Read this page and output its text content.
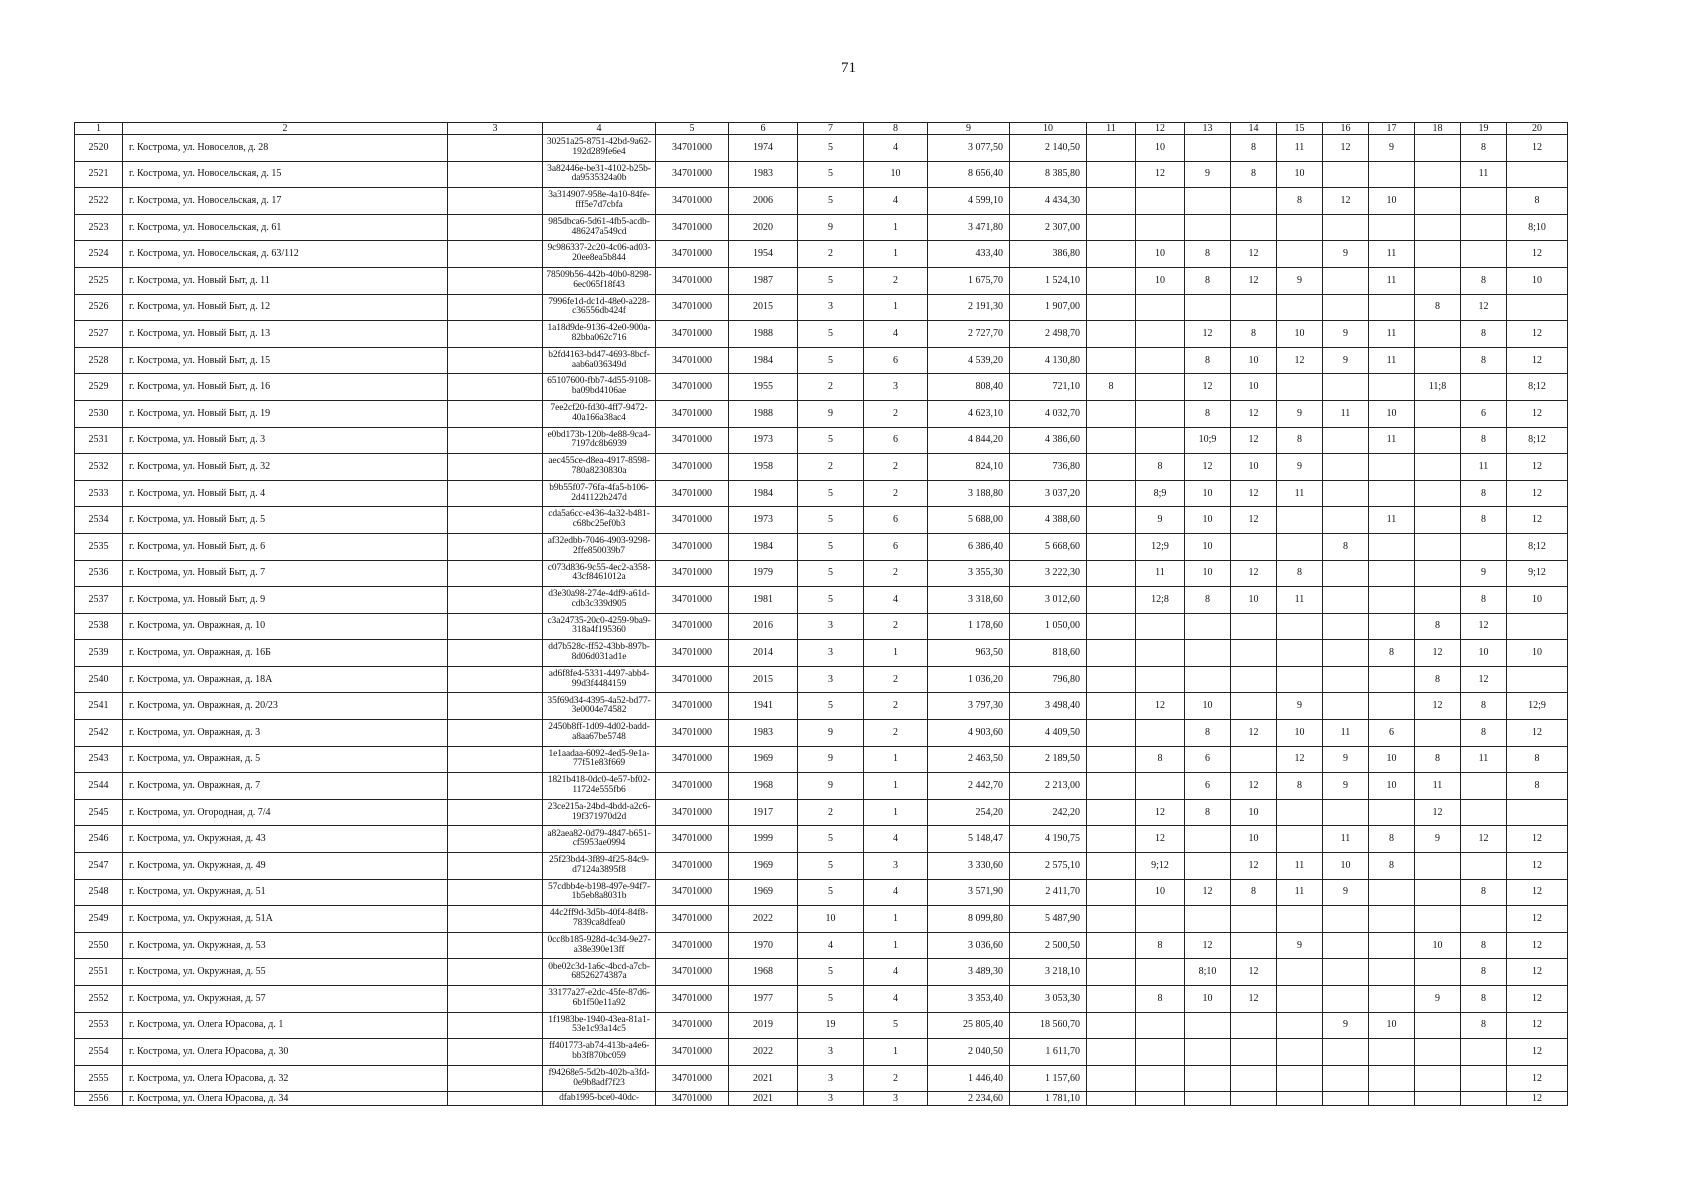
71
1	2	3	4	5	6	7	8	9	10	11	12	13	14	15	16	17	18	19	20
2520	г. Кострома, ул. Новоселов, д. 28		30251a25-8751-42bd-9a62-192d289fe6e4	34701000	1974	5	4	3 077,50	2 140,50		10		8	11	12	9		8	12
2521	г. Кострома, ул. Новосельская, д. 15		3a82446e-be31-4102-b25b-da9535324a0b	34701000	1983	5	10	8 656,40	8 385,80		12	9	8	10				11	
2522	г. Кострома, ул. Новосельская, д. 17		3a314907-958e-4a10-84fe-fff5e7d7cbfa	34701000	2006	5	4	4 599,10	4 434,30					8	12	10			8
2523	г. Кострома, ул. Новосельская, д. 61		985dbca6-5d61-4fb5-acdb-486247a549cd	34701000	2020	9	1	3 471,80	2 307,00										8;10
2524	г. Кострома, ул. Новосельская, д. 63/112		9c986337-2c20-4c06-ad03-20ee8ea5b844	34701000	1954	2	1	433,40	386,80		10	8	12		9	11			12
2525	г. Кострома, ул. Новый Быт, д. 11		78509b56-442b-40b0-8298-6ec065f18f43	34701000	1987	5	2	1 675,70	1 524,10		10	8	12	9		11		8	10
2526	г. Кострома, ул. Новый Быт, д. 12		7996fe1d-dc1d-48e0-a228-c36556db424f	34701000	2015	3	1	2 191,30	1 907,00								8	12	
2527	г. Кострома, ул. Новый Быт, д. 13		1a18d9de-9136-42e0-900a-82bba062c716	34701000	1988	5	4	2 727,70	2 498,70			12	8	10	9	11		8	12
2528	г. Кострома, ул. Новый Быт, д. 15		b2fd4163-bd47-4693-8bcf-aab6a036349d	34701000	1984	5	6	4 539,20	4 130,80			8	10	12	9	11		8	12
2529	г. Кострома, ул. Новый Быт, д. 16		65107600-fbb7-4d55-9108-ba09bd4106ae	34701000	1955	2	3	808,40	721,10	8		12	10				11;8		8;12
2530	г. Кострома, ул. Новый Быт, д. 19		7ee2cf20-fd30-4ff7-9472-40a166a38ac4	34701000	1988	9	2	4 623,10	4 032,70			8	12	9	11	10		6	12
2531	г. Кострома, ул. Новый Быт, д. 3		e0bd173b-120b-4e88-9ca4-7197dc8b6939	34701000	1973	5	6	4 844,20	4 386,60			10;9	12	8		11		8	8;12
2532	г. Кострома, ул. Новый Быт, д. 32		aec455ce-d8ea-4917-8598-780a8230830a	34701000	1958	2	2	824,10	736,80		8	12	10	9				11	12
2533	г. Кострома, ул. Новый Быт, д. 4		b9b55f07-76fa-4fa5-b106-2d41122b247d	34701000	1984	5	2	3 188,80	3 037,20		8;9	10	12	11				8	12
2534	г. Кострома, ул. Новый Быт, д. 5		cda5a6cc-e436-4a32-b481-c68bc25ef0b3	34701000	1973	5	6	5 688,00	4 388,60		9	10	12			11		8	12
2535	г. Кострома, ул. Новый Быт, д. 6		af32edbb-7046-4903-9298-2ffe850039b7	34701000	1984	5	6	6 386,40	5 668,60		12;9	10			8				8;12
2536	г. Кострома, ул. Новый Быт, д. 7		c073d836-9c55-4ec2-a358-43cf8461012a	34701000	1979	5	2	3 355,30	3 222,30		11	10	12	8				9	9;12
2537	г. Кострома, ул. Новый Быт, д. 9		d3e30a98-274e-4df9-a61d-cdb3c339d905	34701000	1981	5	4	3 318,60	3 012,60		12;8	8	10	11				8	10
2538	г. Кострома, ул. Овражная, д. 10		c3a24735-20c0-4259-9ba9-318a4f195360	34701000	2016	3	2	1 178,60	1 050,00								8	12	
2539	г. Кострома, ул. Овражная, д. 16Б		dd7b528c-ff52-43bb-897b-8d06d031ad1e	34701000	2014	3	1	963,50	818,60							8	12	10	10
2540	г. Кострома, ул. Овражная, д. 18А		ad6f8fe4-5331-4497-abb4-99d3f4484159	34701000	2015	3	2	1 036,20	796,80								8	12	
2541	г. Кострома, ул. Овражная, д. 20/23		35f69d34-4395-4a52-bd77-3e0004e74582	34701000	1941	5	2	3 797,30	3 498,40		12	10		9			12	8	12;9
2542	г. Кострома, ул. Овражная, д. 3		2450b8ff-1d09-4d02-badd-a8aa67be5748	34701000	1983	9	2	4 903,60	4 409,50			8	12	10	11	6		8	12
2543	г. Кострома, ул. Овражная, д. 5		1e1aadaa-6092-4ed5-9e1a-77f51e83f669	34701000	1969	9	1	2 463,50	2 189,50		8	6		12	9	10	8	11	8
2544	г. Кострома, ул. Овражная, д. 7		1821b418-0dc0-4e57-bf02-11724e555fb6	34701000	1968	9	1	2 442,70	2 213,00			6	12	8	9	10	11		8
2545	г. Кострома, ул. Огородная, д. 7/4		23ce215a-24bd-4bdd-a2c6-19f371970d2d	34701000	1917	2	1	254,20	242,20		12	8	10				12		
2546	г. Кострома, ул. Окружная, д. 43		a82aea82-0d79-4847-b651-cf5953ae0994	34701000	1999	5	4	5 148,47	4 190,75		12		10		11	8	9	12	12
2547	г. Кострома, ул. Окружная, д. 49		25f23bd4-3f89-4f25-84c9-d7124a3895f8	34701000	1969	5	3	3 330,60	2 575,10		9;12		12	11	10	8			12
2548	г. Кострома, ул. Окружная, д. 51		57cdbb4e-b198-497e-94f7-1b5eb8a8031b	34701000	1969	5	4	3 571,90	2 411,70		10	12	8	11	9			8	12
2549	г. Кострома, ул. Окружная, д. 51А		44c2ff9d-3d5b-40f4-84f8-7839ca8dfea0	34701000	2022	10	1	8 099,80	5 487,90										12
2550	г. Кострома, ул. Окружная, д. 53		0cc8b185-928d-4c34-9e27-a38e390e13ff	34701000	1970	4	1	3 036,60	2 500,50		8	12		9			10	8	12
2551	г. Кострома, ул. Окружная, д. 55		0be02c3d-1a6c-4bcd-a7cb-68526274387a	34701000	1968	5	4	3 489,30	3 218,10			8;10	12					8	12
2552	г. Кострома, ул. Окружная, д. 57		33177a27-e2dc-45fe-87d6-6b1f50e11a92	34701000	1977	5	4	3 353,40	3 053,30		8	10	12				9	8	12
2553	г. Кострома, ул. Олега Юрасова, д. 1		1f1983be-1940-43ea-81a1-53e1c93a14c5	34701000	2019	19	5	25 805,40	18 560,70						9	10		8	12
2554	г. Кострома, ул. Олега Юрасова, д. 30		ff401773-ab74-413b-a4e6-bb3f870bc059	34701000	2022	3	1	2 040,50	1 611,70										12
2555	г. Кострома, ул. Олега Юрасова, д. 32		f94268e5-5d2b-402b-a3fd-0e9b8adf7f23	34701000	2021	3	2	1 446,40	1 157,60										12
2556	г. Кострома, ул. Олега Юрасова, д. 34		dfab1995-bce0-40dc-	34701000	2021	3	3	2 234,60	1 781,10										12
